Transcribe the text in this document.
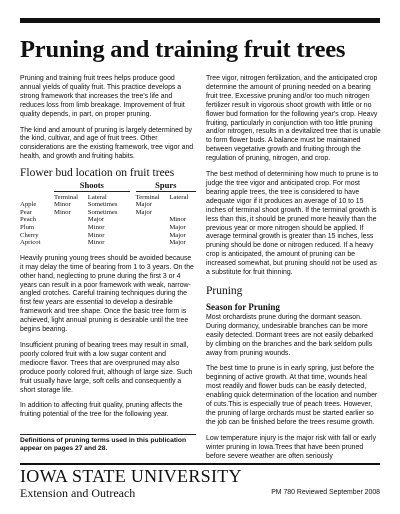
Pruning and training fruit trees

Pruning and training fruit trees helps produce good annual yields of quality fruit. This practice develops a strong framework that increases the tree's life and reduces loss from limb breakage. Improvement of fruit quality depends, in part, on proper pruning.

The kind and amount of pruning is largely determined by the kind, cultivar, and age of fruit trees. Other considerations are the existing framework, tree vigor and health, and growth and fruiting habits.

Flower bud location on fruit trees
	Shoots			Spurs	
	Terminal	Lateral		Terminal	Lateral
Apple	Minor	Sometimes		Major	
Pear	Minor	Sometimes		Major	
Peach		Major			Minor
Plum		Minor			Major
Cherry		Minor			Major
Apricot		Minor			Major

Heavily pruning young trees should be avoided because it may delay the time of bearing from 1 to 3 years. On the other hand, neglecting to prune during the first 3 or 4 years can result in a poor framework with weak, narrow-angled crotches. Careful training techniques during the first few years are essential to develop a desirable framework and tree shape. Once the basic tree form is achieved, light annual pruning is desirable until the tree begins bearing.

Insufficient pruning of bearing trees may result in small, poorly colored fruit with a low sugar content and mediocre flavor. Trees that are overpruned may also produce poorly colored fruit, although of large size. Such fruit usually have large, soft cells and consequently a short storage life.

In addition to affecting fruit quality, pruning affects the fruiting potential of the tree for the following year.

Definitions of pruning terms used in this publication appear on pages 27 and 28.

Tree vigor, nitrogen fertilization, and the anticipated crop determine the amount of pruning needed on a bearing fruit tree. Excessive pruning and/or too much nitrogen fertilizer result in vigorous shoot growth with little or no flower bud formation for the following year's crop. Heavy fruiting, particularly in conjunction with too little pruning and/or nitrogen, results in a devitalized tree that is unable to form flower buds. A balance must be maintained between vegetative growth and fruiting through the regulation of pruning, nitrogen, and crop.

The best method of determining how much to prune is to judge the tree vigor and anticipated crop. For most bearing apple trees, the tree is considered to have adequate vigor if it produces an average of 10 to 15 inches of terminal shoot growth. If the terminal growth is less than this, it should be pruned more heavily than the previous year or more nitrogen should be applied. If average terminal growth is greater than 15 inches, less pruning should be done or nitrogen reduced. If a heavy crop is anticipated, the amount of pruning can be increased somewhat, but pruning should not be used as a substitute for fruit thinning.

Pruning
Season for Pruning

Most orchardists prune during the dormant season. During dormancy, undesirable branches can be more easily detected. Dormant trees are not easily debarked by climbing on the branches and the bark seldom pulls away from pruning wounds.

The best time to prune is in early spring, just before the beginning of active growth. At that time, wounds heal most readily and flower buds can be easily detected, enabling quick determination of the location and number of cuts.This is especially true of peach trees. However, the pruning of large orchards must be started earlier so the job can be finished before the trees resume growth.

Low temperature injury is the major risk with fall or early winter pruning in Iowa.Trees that have been pruned before severe weather are often seriously

IOWA STATE UNIVERSITY
Extension and Outreach	PM 780 Reviewed September 2008
